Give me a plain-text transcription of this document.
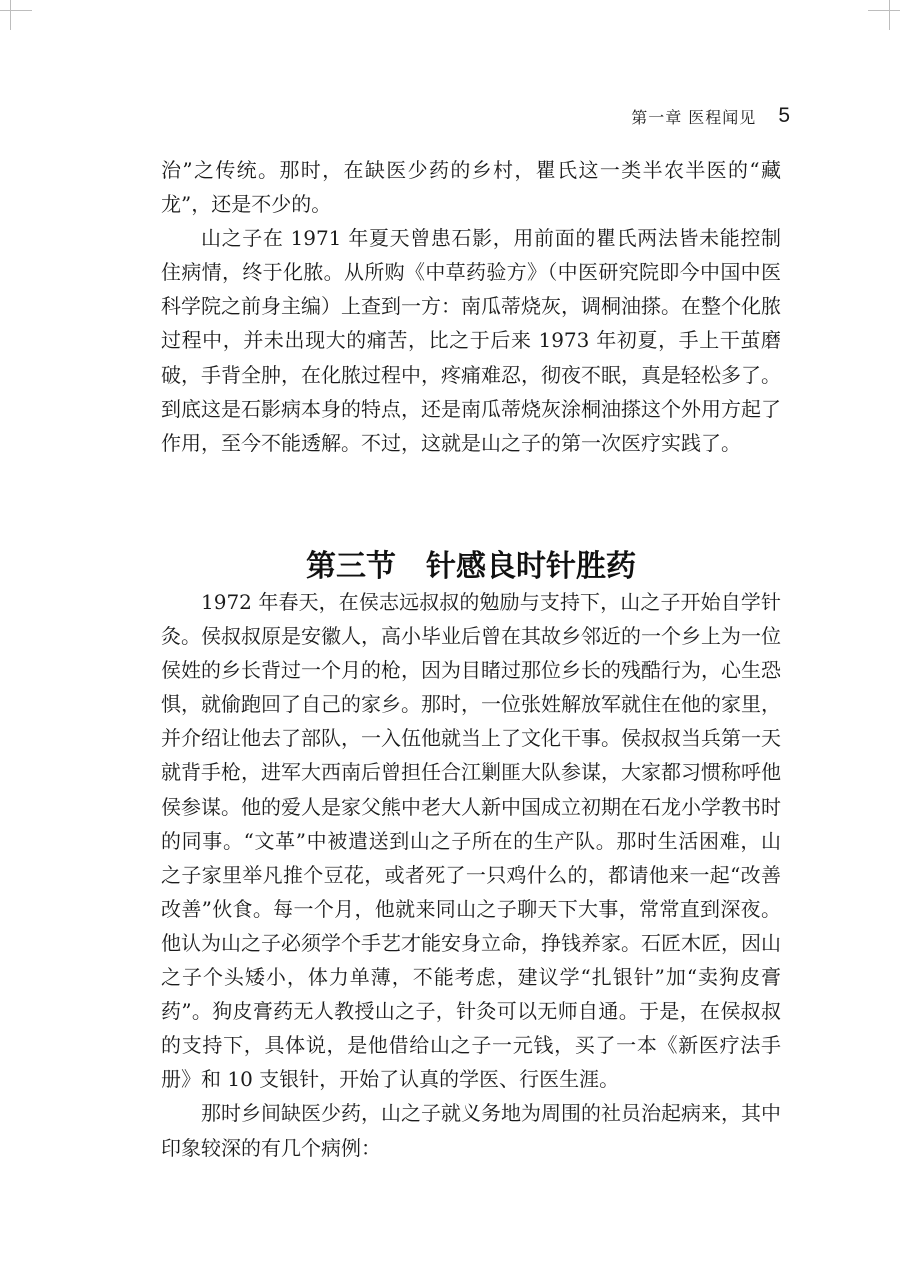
第一章 医程闻见 5

治”之传统。那时，在缺医少药的乡村，瞿氏这一类半农半医的“藏龙”，还是不少的。

山之子在 1971 年夏天曾患石影，用前面的瞿氏两法皆未能控制住病情，终于化脓。从所购《中草药验方》（中医研究院即今中国中医科学院之前身主编）上查到一方：南瓜蒂烧灰，调桐油搽。在整个化脓过程中，并未出现大的痛苦，比之于后来 1973 年初夏，手上干茧磨破，手背全肿，在化脓过程中，疼痛难忍，彻夜不眠，真是轻松多了。到底这是石影病本身的特点，还是南瓜蒂烧灰涂桐油搽这个外用方起了作用，至今不能透解。不过，这就是山之子的第一次医疗实践了。

第三节 针感良时针胜药

1972 年春天，在侯志远叔叔的勉励与支持下，山之子开始自学针灸。侯叔叔原是安徽人，高小毕业后曾在其故乡邻近的一个乡上为一位侯姓的乡长背过一个月的枪，因为目睹过那位乡长的残酷行为，心生恐惧，就偷跑回了自己的家乡。那时，一位张姓解放军就住在他的家里，并介绍让他去了部队，一入伍他就当上了文化干事。侯叔叔当兵第一天就背手枪，进军大西南后曾担任合江剿匪大队参谋，大家都习惯称呼他侯参谋。他的爱人是家父熊中老大人新中国成立初期在石龙小学教书时的同事。“文革”中被遣送到山之子所在的生产队。那时生活困难，山之子家里举凡推个豆花，或者死了一只鸡什么的，都请他来一起“改善改善”伙食。每一个月，他就来同山之子聊天下大事，常常直到深夜。他认为山之子必须学个手艺才能安身立命，挣钱养家。石匠木匠，因山之子个头矮小，体力单薄，不能考虑，建议学“扎银针”加“卖狗皮膏药”。狗皮膏药无人教授山之子，针灸可以无师自通。于是，在侯叔叔的支持下，具体说，是他借给山之子一元钱，买了一本《新医疗法手册》和 10 支银针，开始了认真的学医、行医生涯。

那时乡间缺医少药，山之子就义务地为周围的社员治起病来，其中印象较深的有几个病例：
